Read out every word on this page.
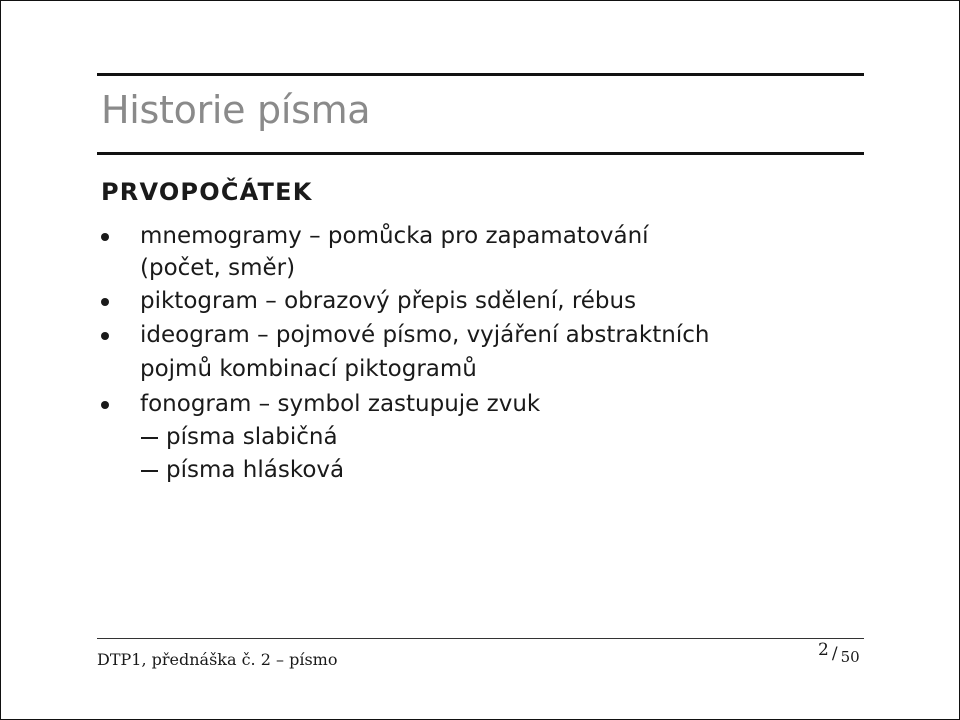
Historie písma
PRVOPOČÁTEK
mnemogramy – pomůcka pro zapamatování
(počet, směr)
piktogram – obrazový přepis sdělení, rébus
ideogram – pojmové písmo, vyjáření abstraktních
pojmů kombinací piktogramů
fonogram – symbol zastupuje zvuk
písma slabičná
písma hlásková
DTP1, přednáška č. 2 – písmo	2 / 50
